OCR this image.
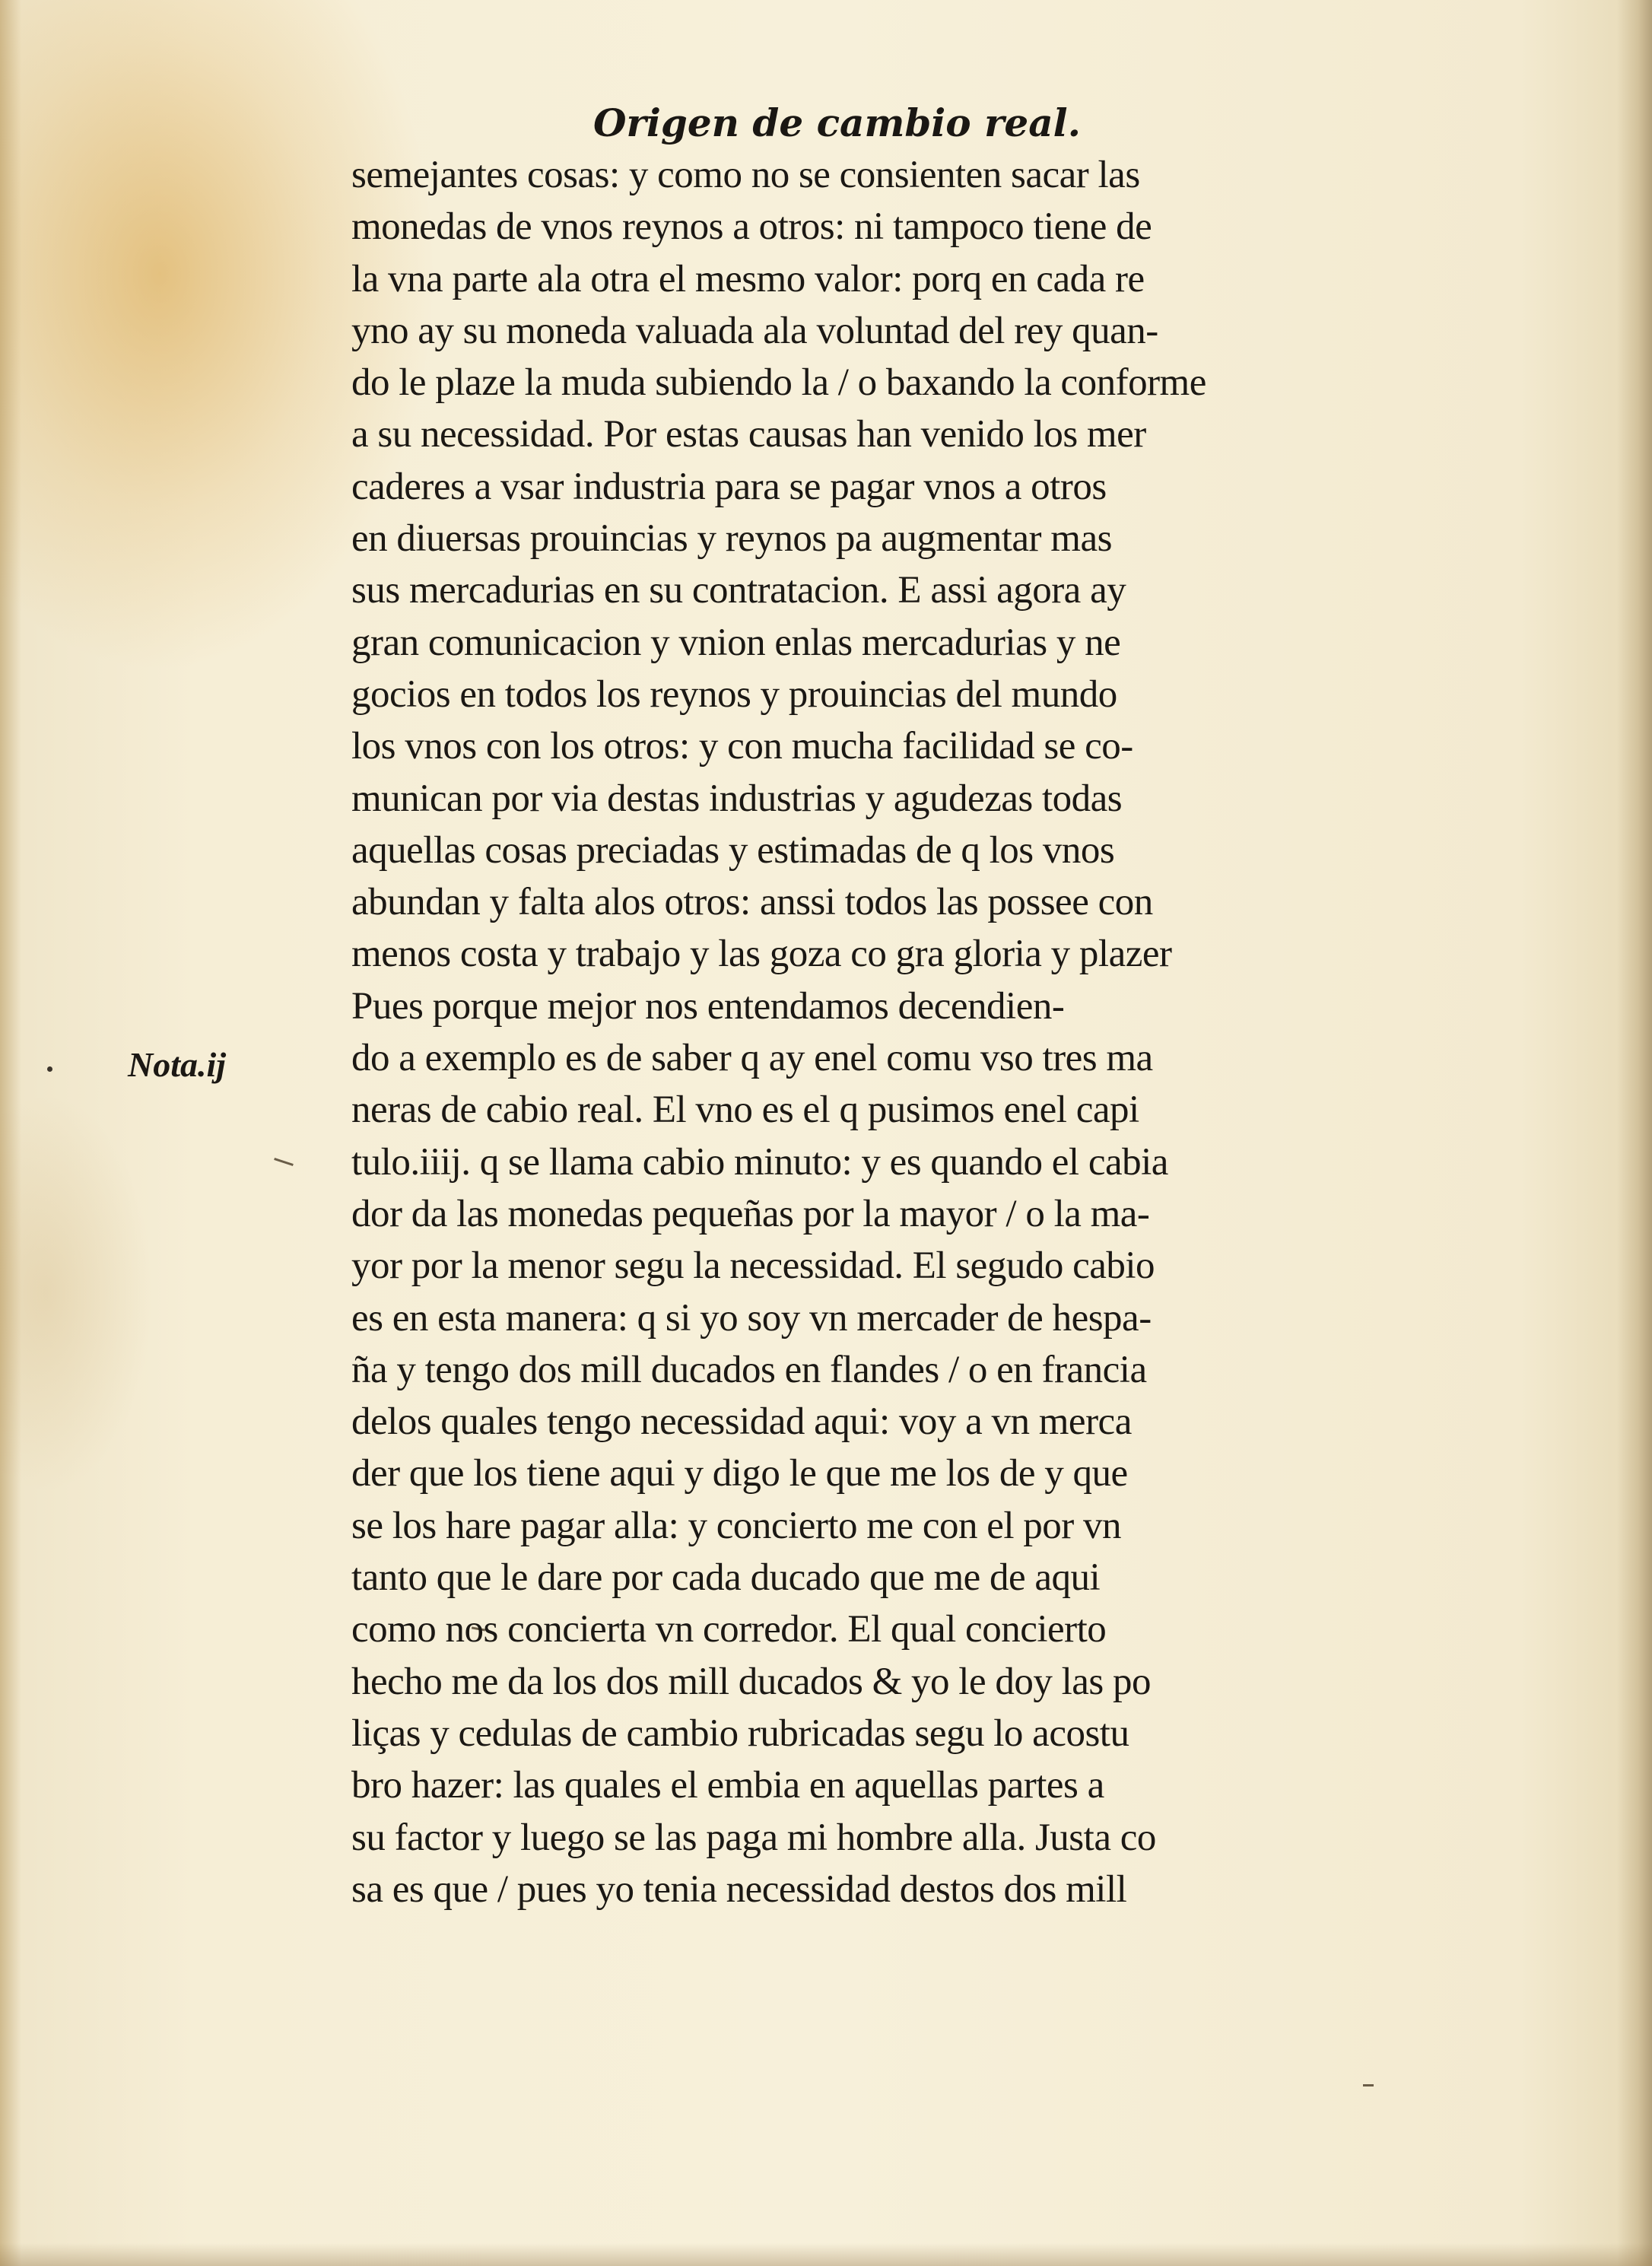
Origen de cambio real.
Nota.ij
semejantes cosas: y como no se consienten sacar las
monedas de vnos reynos a otros: ni tampoco tiene de
la vna parte ala otra el mesmo valor: porq en cada re
yno ay su moneda valuada ala voluntad del rey quan-
do le plaze la muda subiendo la / o baxando la conforme
a su necessidad. Por estas causas han venido los mer
caderes a vsar industria para se pagar vnos a otros
en diuersas prouincias y reynos pa augmentar mas
sus mercadurias en su contratacion. E assi agora ay
gran comunicacion y vnion enlas mercadurias y ne
gocios en todos los reynos y prouincias del mundo
los vnos con los otros: y con mucha facilidad se co-
munican por via destas industrias y agudezas todas
aquellas cosas preciadas y estimadas de q los vnos
abundan y falta alos otros: anssi todos las possee con
menos costa y trabajo y las goza co gra gloria y plazer
Pues porque mejor nos entendamos decendien-
do a exemplo es de saber q ay enel comu vso tres ma
neras de cabio real. El vno es el q pusimos enel capi
tulo.iiij. q se llama cabio minuto: y es quando el cabia
dor da las monedas pequeñas por la mayor / o la ma-
yor por la menor segu la necessidad. El segudo cabio
es en esta manera: q si yo soy vn mercader de hespa-
ña y tengo dos mill ducados en flandes / o en francia
delos quales tengo necessidad aqui: voy a vn merca
der que los tiene aqui y digo le que me los de y que
se los hare pagar alla: y concierto me con el por vn
tanto que le dare por cada ducado que me de aqui
como nos concierta vn corredor. El qual concierto
hecho me da los dos mill ducados & yo le doy las po
liças y cedulas de cambio rubricadas segu lo acostu
bro hazer: las quales el embia en aquellas partes a
su factor y luego se las paga mi hombre alla. Justa co
sa es que / pues yo tenia necessidad destos dos mill
